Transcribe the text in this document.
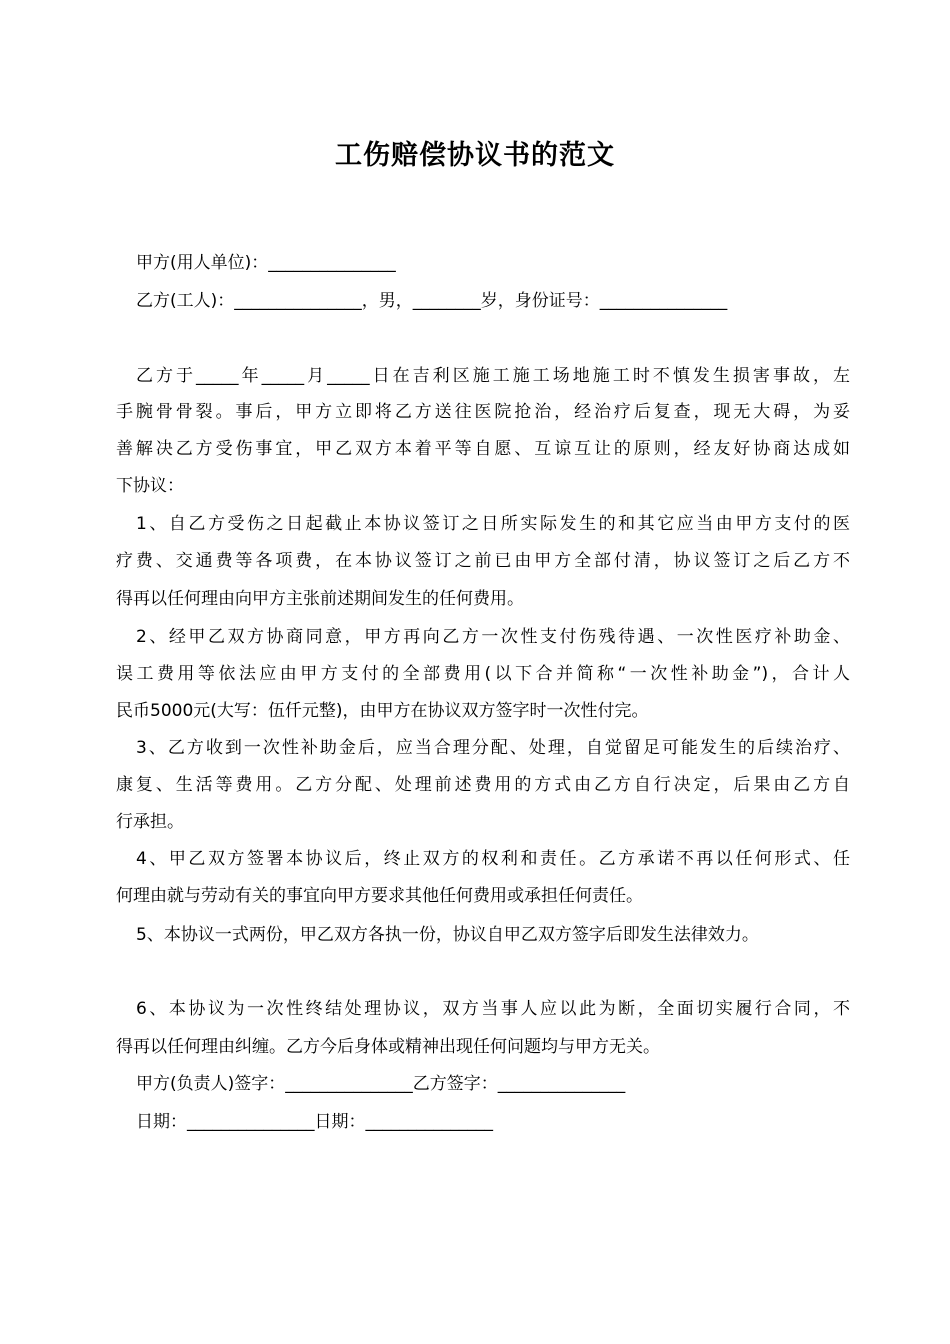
工伤赔偿协议书的范文
甲方(用人单位)：_______________
乙方(工人)：_______________，男，________岁，身份证号：_______________
乙方于_____年_____月_____日在吉利区施工施工场地施工时不慎发生损害事故，左
手腕骨骨裂。事后，甲方立即将乙方送往医院抢治，经治疗后复查，现无大碍，为妥
善解决乙方受伤事宜，甲乙双方本着平等自愿、互谅互让的原则，经友好协商达成如
下协议：
1、自乙方受伤之日起截止本协议签订之日所实际发生的和其它应当由甲方支付的医
疗费、交通费等各项费，在本协议签订之前已由甲方全部付清，协议签订之后乙方不
得再以任何理由向甲方主张前述期间发生的任何费用。
2、经甲乙双方协商同意，甲方再向乙方一次性支付伤残待遇、一次性医疗补助金、
误工费用等依法应由甲方支付的全部费用(以下合并简称“一次性补助金”)，合计人
民币5000元(大写：伍仟元整)，由甲方在协议双方签字时一次性付完。
3、乙方收到一次性补助金后，应当合理分配、处理，自觉留足可能发生的后续治疗、
康复、生活等费用。乙方分配、处理前述费用的方式由乙方自行决定，后果由乙方自
行承担。
4、甲乙双方签署本协议后，终止双方的权利和责任。乙方承诺不再以任何形式、任
何理由就与劳动有关的事宜向甲方要求其他任何费用或承担任何责任。
5、本协议一式两份，甲乙双方各执一份，协议自甲乙双方签字后即发生法律效力。
6、本协议为一次性终结处理协议，双方当事人应以此为断，全面切实履行合同，不
得再以任何理由纠缠。乙方今后身体或精神出现任何问题均与甲方无关。
甲方(负责人)签字：_______________乙方签字：_______________
日期：_______________日期：_______________
